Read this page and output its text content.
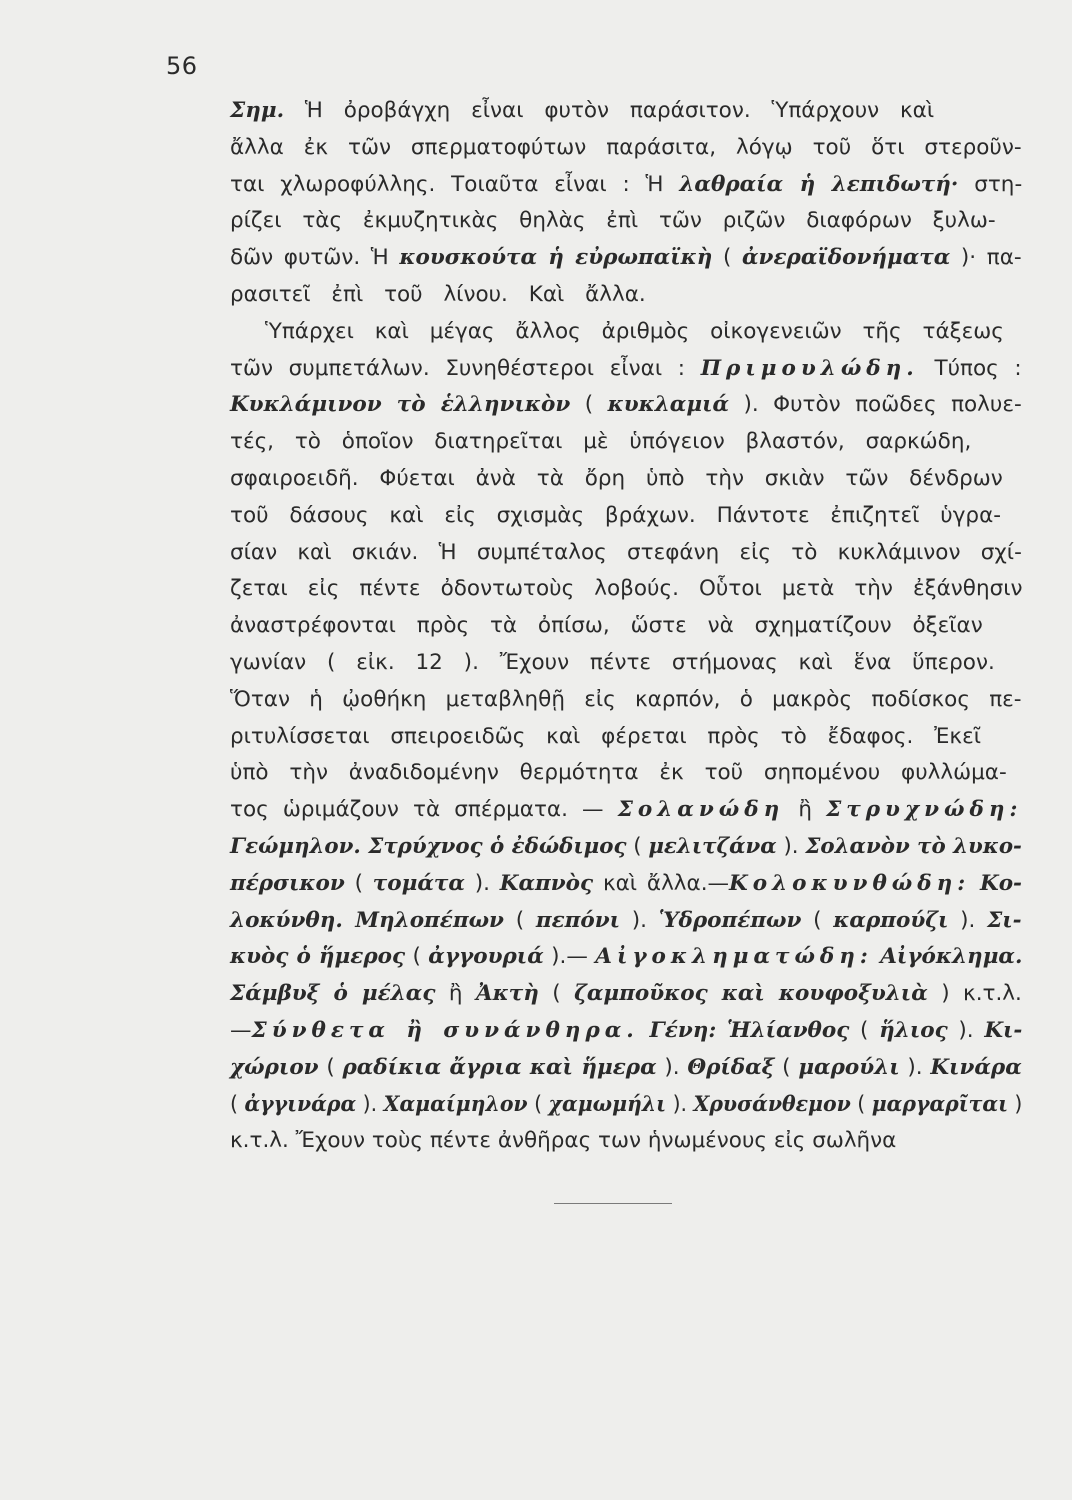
56
Σημ. Ἡ ὀροβάγχη εἶναι φυτὸν παράσιτον. Ὑπάρχουν καὶ
ἄλλα ἐκ τῶν σπερματοφύτων παράσιτα, λόγῳ τοῦ ὅτι στεροῦν-
ται χλωροφύλλης. Τοιαῦτα εἶναι : Ἡ λαθραία ἡ λεπιδωτή· στη-
ρίζει τὰς ἐκμυζητικὰς θηλὰς ἐπὶ τῶν ριζῶν διαφόρων ξυλω-
δῶν φυτῶν. Ἡ κουσκούτα ἡ εὐρωπαϊκὴ ( ἀνεραϊδονήματα )· πα-
ρασιτεῖ ἐπὶ τοῦ λίνου. Καὶ ἄλλα.
Ὑπάρχει καὶ μέγας ἄλλος ἀριθμὸς οἰκογενειῶν τῆς τάξεως
τῶν συμπετάλων. Συνηθέστεροι εἶναι : Πριμουλώδη. Τύπος :
Κυκλάμινον τὸ ἑλληνικὸν ( κυκλαμιά ). Φυτὸν ποῶδες πολυε-
τές, τὸ ὁποῖον διατηρεῖται μὲ ὑπόγειον βλαστόν, σαρκώδη,
σφαιροειδῆ. Φύεται ἀνὰ τὰ ὄρη ὑπὸ τὴν σκιὰν τῶν δένδρων
τοῦ δάσους καὶ εἰς σχισμὰς βράχων. Πάντοτε ἐπιζητεῖ ὑγρα-
σίαν καὶ σκιάν. Ἡ συμπέταλος στεφάνη εἰς τὸ κυκλάμινον σχί-
ζεται εἰς πέντε ὀδοντωτοὺς λοβούς. Οὗτοι μετὰ τὴν ἐξάνθησιν
ἀναστρέφονται πρὸς τὰ ὀπίσω, ὥστε νὰ σχηματίζουν ὀξεῖαν
γωνίαν ( εἰκ. 12 ). Ἔχουν πέντε στήμονας καὶ ἕνα ὕπερον.
Ὅταν ἡ ᾠοθήκη μεταβληθῇ εἰς καρπόν, ὁ μακρὸς ποδίσκος πε-
ριτυλίσσεται σπειροειδῶς καὶ φέρεται πρὸς τὸ ἔδαφος. Ἐκεῖ
ὑπὸ τὴν ἀναδιδομένην θερμότητα ἐκ τοῦ σηπομένου φυλλώμα-
τος ὡριμάζουν τὰ σπέρματα. — Σολανώδη ἢ Στρυχνώδη:
Γεώμηλον. Στρύχνος ὁ ἐδώδιμος ( μελιτζάνα ). Σολανὸν τὸ λυκο-
πέρσικον ( τομάτα ). Καπνὸς καὶ ἄλλα.—Κολοκυνθώδη: Κο-
λοκύνθη. Μηλοπέπων ( πεπόνι ). Ὑδροπέπων ( καρπούζι ). Σι-
κυὸς ὁ ἥμερος ( ἀγγουριά ).— Αἰγοκληματώδη: Αἰγόκλημα.
Σάμβυξ ὁ μέλας ἢ Ἀκτὴ ( ζαμποῦκος καὶ κουφοξυλιὰ ) κ.τ.λ.
—Σύνθετα ἢ συνάνθηρα. Γένη: Ἡλίανθος ( ἥλιος ). Κι-
χώριον ( ραδίκια ἄγρια καὶ ἥμερα ). Θρίδαξ ( μαρούλι ). Κινάρα
( ἀγγινάρα ). Χαμαίμηλον ( χαμωμήλι ). Χρυσάνθεμον ( μαργαρῖται )
κ.τ.λ. Ἔχουν τοὺς πέντε ἀνθῆρας των ἡνωμένους εἰς σωλῆνα
